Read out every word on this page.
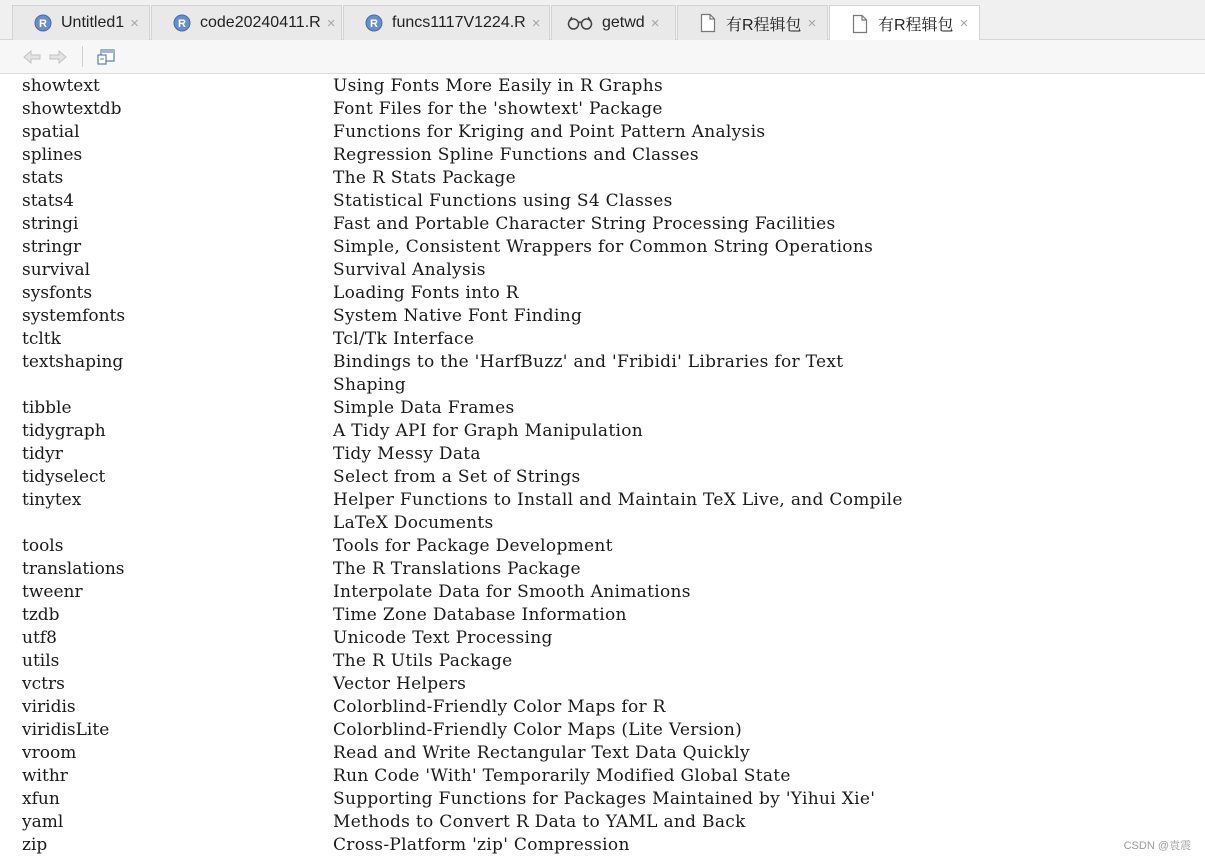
R Untitled1 ×	R code20240411.R ×	R funcs1117V1224.R ×	getwd ×	有R程辑包 ×	有R程辑包 ×
showtext	Using Fonts More Easily in R Graphs
showtextdb	Font Files for the 'showtext' Package
spatial	Functions for Kriging and Point Pattern Analysis
splines	Regression Spline Functions and Classes
stats	The R Stats Package
stats4	Statistical Functions using S4 Classes
stringi	Fast and Portable Character String Processing Facilities
stringr	Simple, Consistent Wrappers for Common String Operations
survival	Survival Analysis
sysfonts	Loading Fonts into R
systemfonts	System Native Font Finding
tcltk	Tcl/Tk Interface
textshaping	Bindings to the 'HarfBuzz' and 'Fribidi' Libraries for Text
Shaping
tibble	Simple Data Frames
tidygraph	A Tidy API for Graph Manipulation
tidyr	Tidy Messy Data
tidyselect	Select from a Set of Strings
tinytex	Helper Functions to Install and Maintain TeX Live, and Compile
LaTeX Documents
tools	Tools for Package Development
translations	The R Translations Package
tweenr	Interpolate Data for Smooth Animations
tzdb	Time Zone Database Information
utf8	Unicode Text Processing
utils	The R Utils Package
vctrs	Vector Helpers
viridis	Colorblind-Friendly Color Maps for R
viridisLite	Colorblind-Friendly Color Maps (Lite Version)
vroom	Read and Write Rectangular Text Data Quickly
withr	Run Code 'With' Temporarily Modified Global State
xfun	Supporting Functions for Packages Maintained by 'Yihui Xie'
yaml	Methods to Convert R Data to YAML and Back
zip	Cross-Platform 'zip' Compression	CSDN @袁震
